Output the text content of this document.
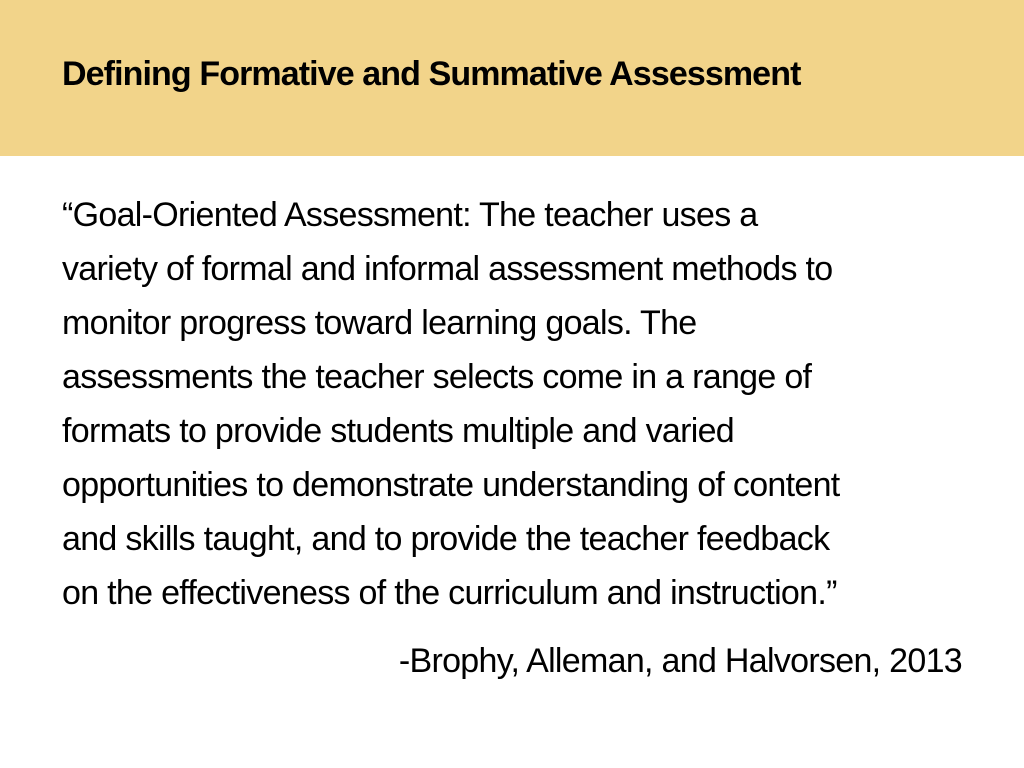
Defining Formative and Summative Assessment
“Goal-Oriented Assessment: The teacher uses a
variety of formal and informal assessment methods to
monitor progress toward learning goals. The
assessments the teacher selects come in a range of
formats to provide students multiple and varied
opportunities to demonstrate understanding of content
and skills taught, and to provide the teacher feedback
on the effectiveness of the curriculum and instruction.”

-Brophy, Alleman, and Halvorsen, 2013
